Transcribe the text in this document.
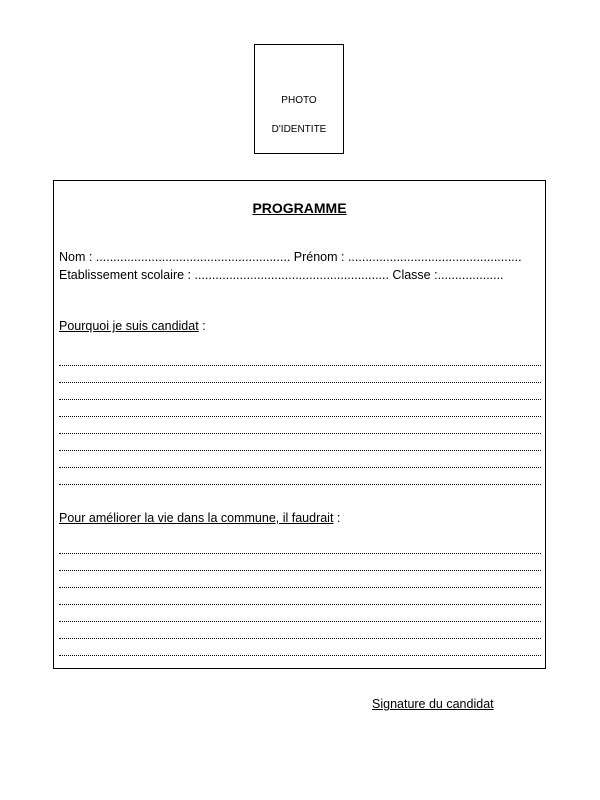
PHOTO
D'IDENTITE
PROGRAMME
Nom : ........................................................ Prénom : ..................................................
Etablissement scolaire : ........................................................ Classe :...................
Pourquoi je suis candidat :
Pour améliorer la vie dans la commune, il faudrait :
Signature du candidat
